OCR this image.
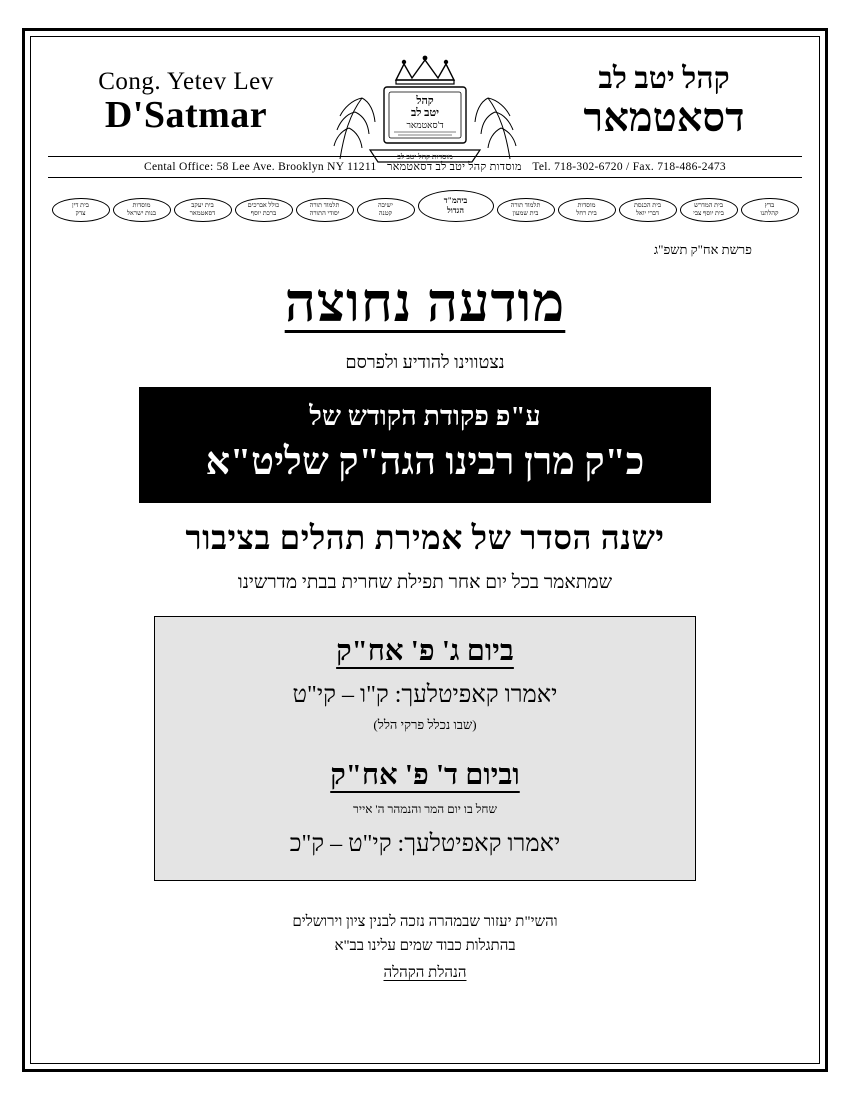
Cong. Yetev Lev
D'Satmar	קהל
יטב לב
ד'סאטמאר
מוסדות קהל יטב לב
קהל יטב לב
דסאטמאר
Cental Office: 58 Lee Ave. Brooklyn NY 11211 מוסדות קהל יטב לב דסאטמאר Tel. 718-302-6720 / Fax. 718-486-2473
בדץ
קהלתנו
בית המדרש
בית יוסף צבי
בית הכנסת
דברי יואל
מוסדות
בית רחל
תלמוד תורה
בית שמעון
ביהמ"ד
הגדול
ישיבה
קטנה
תלמוד תורה
יסודי התורה
כולל אברכים
ברכת יוסף
בית יעקב
דסאטמאר
מוסדות
בנות ישראל
בית דין
צדק
פרשת אח"ק תשפ"ג
מודעה נחוצה
נצטווינו להודיע ולפרסם
ע"פ פקודת הקודש של
כ"ק מרן רבינו הגה"ק שליט"א
ישנה הסדר של אמירת תהלים בציבור
שמתאמר בכל יום אחר תפילת שחרית בבתי מדרשינו
ביום ג' פ' אח"ק
יאמרו קאפיטלעך: ק"ו – קי"ט
(שבו נכלל פרקי הלל)
וביום ד' פ' אח"ק
שחל בו יום המר והנמהר ה' אייר
יאמרו קאפיטלעך: קי"ט – ק"כ
והשי"ת יעזור שבמהרה נזכה לבנין ציון וירושלים
בהתגלות כבוד שמים עלינו בב"א
הנהלת הקהלה
